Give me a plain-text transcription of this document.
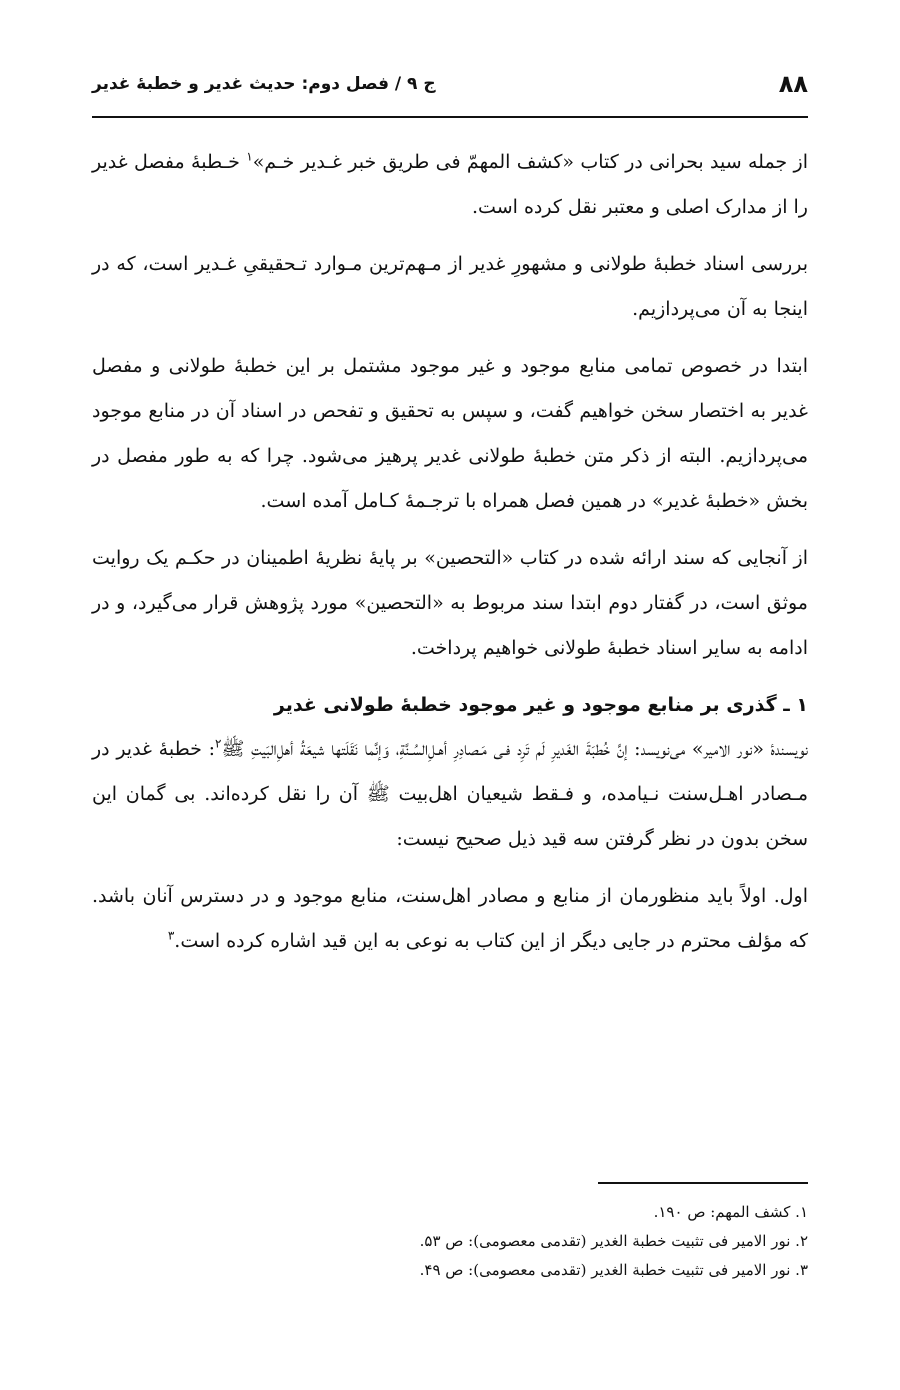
۸۸
ج ۹ / فصل دوم: حدیث غدیر و خطبهٔ غدیر

از جمله سید بحرانی در کتاب «کشف المهمّ فی طریق خبر غـدیر خـم»$^۱$ خـطبهٔ مفصل غدیر را از مدارک اصلی و معتبر نقل کرده است.

بررسی اسناد خطبهٔ طولانی و مشهورِ غدیر از مـهم‌ترین مـوارد تـحقیقیِ غـدیر است، که در اینجا به آن می‌پردازیم.

ابتدا در خصوص تمامی منابع موجود و غیر موجود مشتمل بر این خطبهٔ طولانی و مفصل غدیر به اختصار سخن خواهیم گفت، و سپس به تحقیق و تفحص در اسناد آن در منابع موجود می‌پردازیم. البته از ذکر متن خطبهٔ طولانی غدیر پرهیز می‌شود. چرا که به طور مفصل در بخش «خطبهٔ غدیر» در همین فصل همراه با ترجـمهٔ کـامل آمده است.

از آنجایی که سند ارائه شده در کتاب «التحصین» بر پایهٔ نظریهٔ اطمینان در حکـم یک روایت موثق است، در گفتار دوم ابتدا سند مربوط به «التحصین» مورد پژوهش قرار می‌گیرد، و در ادامه به سایر اسناد خطبهٔ طولانی خواهیم پرداخت.

۱ ـ گذری بر منابع موجود و غیر موجود خطبهٔ طولانی غدیر

نویسندهٔ «نور الامیر» می‌نویسد: إنَّ خُطبَةَ الغَدیرِ لَم تَرِد فـی مَـصادِرِ أهـلِ‌السُـنَّةِ، وَإنَّما نَقَلَتها شیعَةُ أهلِ‌البَیتِ ﷺ$^۲$: خطبهٔ غدیر در مـصادر اهـل‌سنت نـیامده، و فـقط شیعیان اهل‌بیت ﷺ آن را نقل کرده‌اند. بی گمان این سخن بدون در نظر گرفتن سه قید ذیل صحیح نیست:

اول. اولاً باید منظورمان از منابع و مصادر اهل‌سنت، منابع موجود و در دسترس آنان باشد. که مؤلف محترم در جایی دیگر از این کتاب به نوعی به این قید اشاره کرده است.$^۳$

۱. کشف المهم: ص ۱۹۰.

۲. نور الامیر فی تثبیت خطبة الغدیر (تقدمی معصومی): ص ۵۳.

۳. نور الامیر فی تثبیت خطبة الغدیر (تقدمی معصومی): ص ۴۹.
